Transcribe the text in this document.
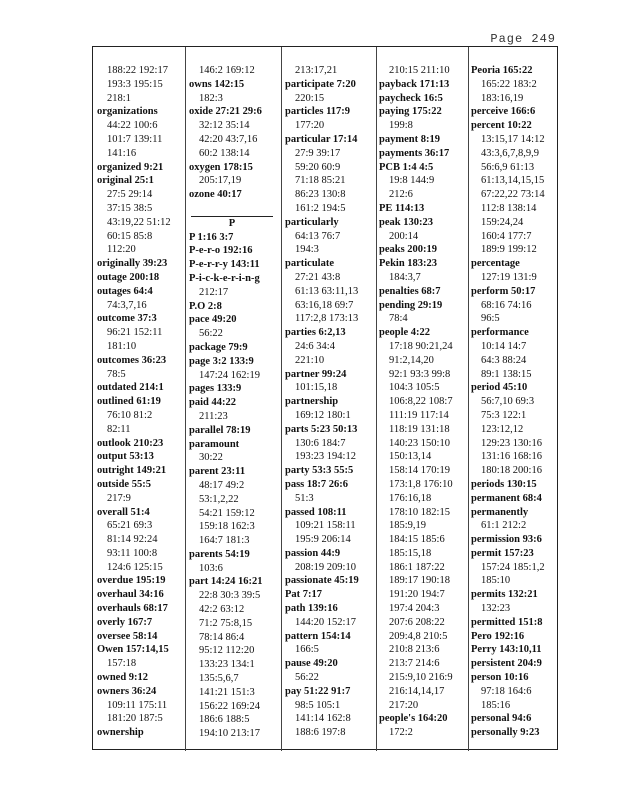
Page 249
188:22 192:17
193:3 195:15
218:1
organizations
44:22 100:6
101:7 139:11
141:16
organized 9:21
original 25:1
27:5 29:14
37:15 38:5
43:19,22 51:12
60:15 85:8
112:20
originally 39:23
outage 200:18
outages 64:4
74:3,7,16
outcome 37:3
96:21 152:11
181:10
outcomes 36:23
78:5
outdated 214:1
outlined 61:19
76:10 81:2
82:11
outlook 210:23
output 53:13
outright 149:21
outside 55:5
217:9
overall 51:4
65:21 69:3
81:14 92:24
93:11 100:8
124:6 125:15
overdue 195:19
overhaul 34:16
overhauls 68:17
overly 167:7
oversee 58:14
Owen 157:14,15
157:18
owned 9:12
owners 36:24
109:11 175:11
181:20 187:5
ownership
146:2 169:12
owns 142:15
182:3
oxide 27:21 29:6
32:12 35:14
42:20 43:7,16
60:2 138:14
oxygen 178:15
205:17,19
ozone 40:17

P
P 1:16 3:7
P-e-r-o 192:16
P-e-r-r-y 143:11
P-i-c-k-e-r-i-n-g
212:17
P.O 2:8
pace 49:20
56:22
package 79:9
page 3:2 133:9
147:24 162:19
pages 133:9
paid 44:22
211:23
parallel 78:19
paramount
30:22
parent 23:11
48:17 49:2
53:1,2,22
54:21 159:12
159:18 162:3
164:7 181:3
parents 54:19
103:6
part 14:24 16:21
22:8 30:3 39:5
42:2 63:12
71:2 75:8,15
78:14 86:4
95:12 112:20
133:23 134:1
135:5,6,7
141:21 151:3
156:22 169:24
186:6 188:5
194:10 213:17
213:17,21
participate 7:20
220:15
particles 117:9
177:20
particular 17:14
27:9 39:17
59:20 60:9
71:18 85:21
86:23 130:8
161:2 194:5
particularly
64:13 76:7
194:3
particulate
27:21 43:8
61:13 63:11,13
63:16,18 69:7
117:2,8 173:13
parties 6:2,13
24:6 34:4
221:10
partner 99:24
101:15,18
partnership
169:12 180:1
parts 5:23 50:13
130:6 184:7
193:23 194:12
party 53:3 55:5
pass 18:7 26:6
51:3
passed 108:11
109:21 158:11
195:9 206:14
passion 44:9
208:19 209:10
passionate 45:19
Pat 7:17
path 139:16
144:20 152:17
pattern 154:14
166:5
pause 49:20
56:22
pay 51:22 91:7
98:5 105:1
141:14 162:8
188:6 197:8
210:15 211:10
payback 171:13
paycheck 16:5
paying 175:22
199:8
payment 8:19
payments 36:17
PCB 1:4 4:5
19:8 144:9
212:6
PE 114:13
peak 130:23
200:14
peaks 200:19
Pekin 183:23
184:3,7
penalties 68:7
pending 29:19
78:4
people 4:22
17:18 90:21,24
91:2,14,20
92:1 93:3 99:8
104:3 105:5
106:8,22 108:7
111:19 117:14
118:19 131:18
140:23 150:10
150:13,14
158:14 170:19
173:1,8 176:10
176:16,18
178:10 182:15
185:9,19
184:15 185:6
185:15,18
186:1 187:22
189:17 190:18
191:20 194:7
197:4 204:3
207:6 208:22
209:4,8 210:5
210:8 213:6
213:7 214:6
215:9,10 216:9
216:14,14,17
217:20
people's 164:20
172:2
Peoria 165:22
165:22 183:2
183:16,19
perceive 166:6
percent 10:22
13:15,17 14:12
43:3,6,7,8,9,9
56:6,9 61:13
61:13,14,15,15
67:22,22 73:14
112:8 138:14
159:24,24
160:4 177:7
189:9 199:12
percentage
127:19 131:9
perform 50:17
68:16 74:16
96:5
performance
10:14 14:7
64:3 88:24
89:1 138:15
period 45:10
56:7,10 69:3
75:3 122:1
123:12,12
129:23 130:16
131:16 168:16
180:18 200:16
periods 130:15
permanent 68:4
permanently
61:1 212:2
permission 93:6
permit 157:23
157:24 185:1,2
185:10
permits 132:21
132:23
permitted 151:8
Pero 192:16
Perry 143:10,11
persistent 204:9
person 10:16
97:18 164:6
185:16
personal 94:6
personally 9:23
